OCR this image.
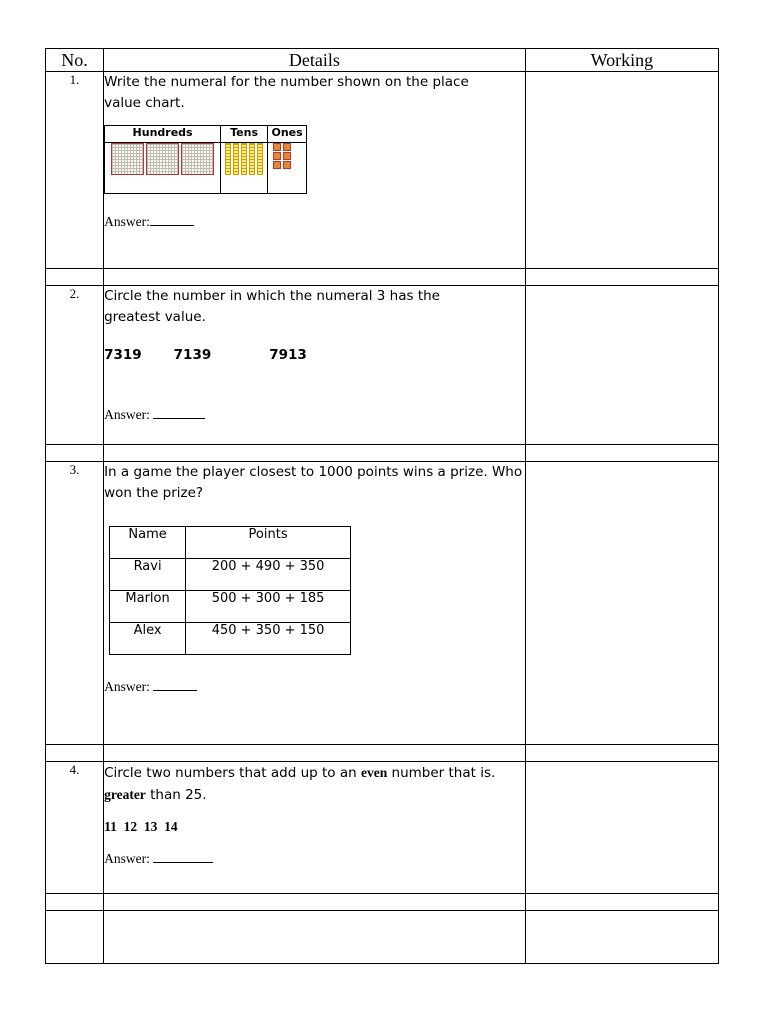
No.	Details	Working
1.	Write the numeral for the number shown on the place value chart.
Hundreds	Tens	Ones

Answer:

2.	Circle the number in which the numeral 3 has the greatest value.
7319 7139	7913
Answer:

3.	In a game the player closest to 1000 points wins a prize. Who
won the prize?
Name	Points
Ravi	200 + 490 + 350
Marlon	500 + 300 + 185
Alex	450 + 350 + 150
Answer:

4.	Circle two numbers that add up to an even number that is.
greater than 25.
11  12  13  14
Answer:
